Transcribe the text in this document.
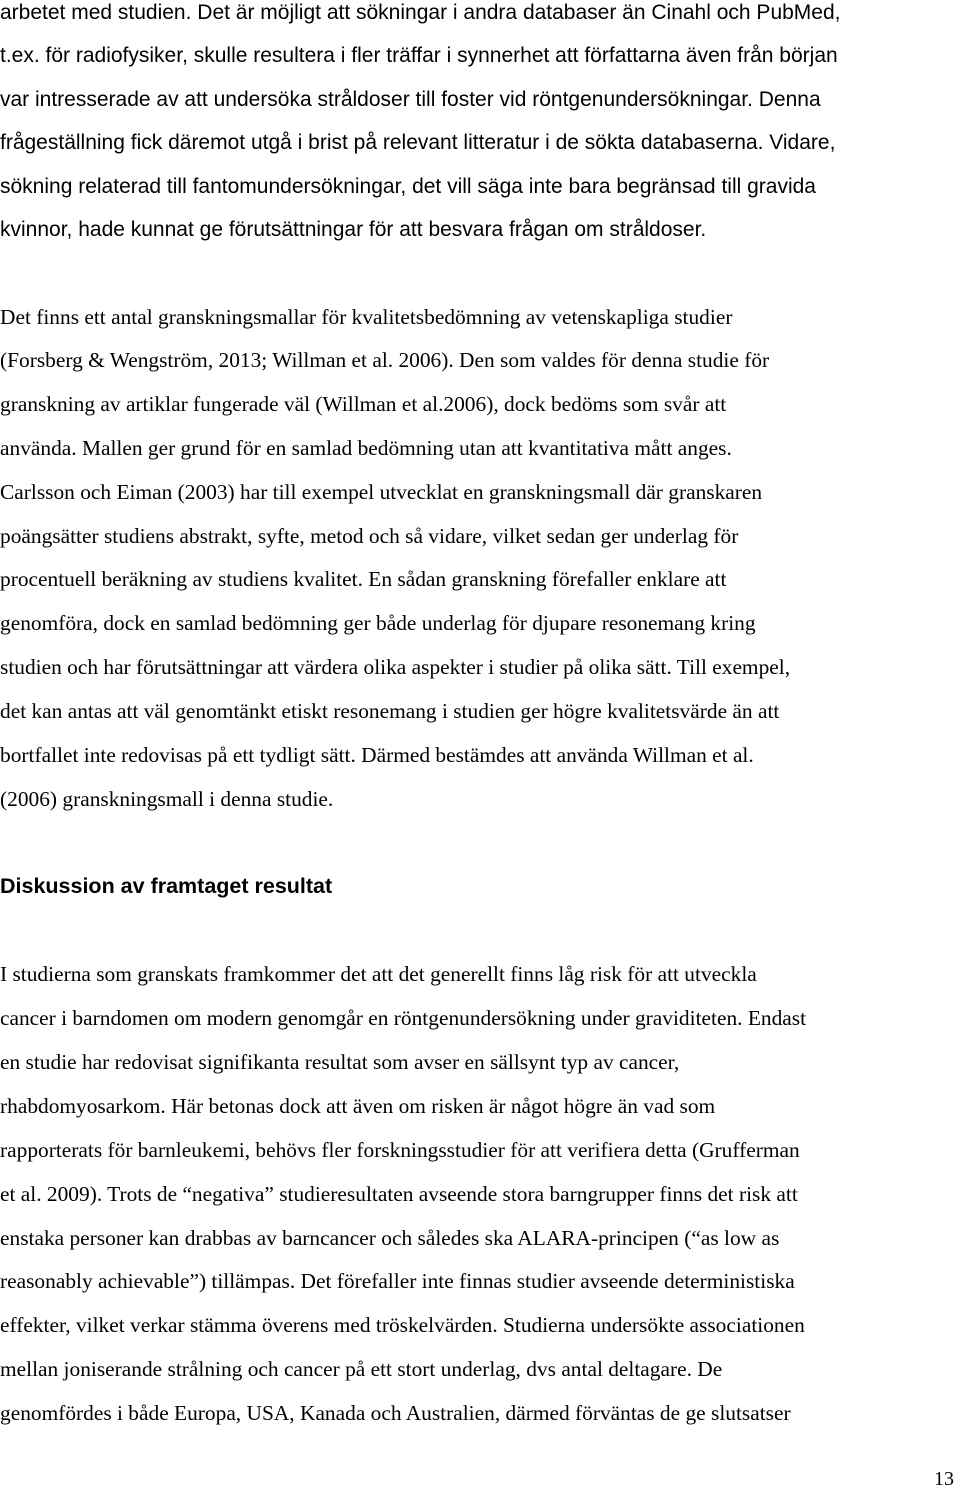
arbetet med studien. Det är möjligt att sökningar i andra databaser än Cinahl och PubMed,
t.ex. för radiofysiker, skulle resultera i fler träffar i synnerhet att författarna även från början
var intresserade av att undersöka stråldoser till foster vid röntgenundersökningar. Denna
frågeställning fick däremot utgå i brist på relevant litteratur i de sökta databaserna. Vidare,
sökning relaterad till fantomundersökningar, det vill säga inte bara begränsad till gravida
kvinnor, hade kunnat ge förutsättningar för att besvara frågan om stråldoser.
Det finns ett antal granskningsmallar för kvalitetsbedömning av vetenskapliga studier
(Forsberg & Wengström, 2013; Willman et al. 2006). Den som valdes för denna studie för
granskning av artiklar fungerade väl (Willman et al.2006), dock bedöms som svår att
använda. Mallen ger grund för en samlad bedömning utan att kvantitativa mått anges.
Carlsson och Eiman (2003) har till exempel utvecklat en granskningsmall där granskaren
poängsätter studiens abstrakt, syfte, metod och så vidare, vilket sedan ger underlag för
procentuell beräkning av studiens kvalitet. En sådan granskning förefaller enklare att
genomföra, dock en samlad bedömning ger både underlag för djupare resonemang kring
studien och har förutsättningar att värdera olika aspekter i studier på olika sätt. Till exempel,
det kan antas att väl genomtänkt etiskt resonemang i studien ger högre kvalitetsvärde än att
bortfallet inte redovisas på ett tydligt sätt. Därmed bestämdes att använda Willman et al.
(2006) granskningsmall i denna studie.
Diskussion av framtaget resultat
I studierna som granskats framkommer det att det generellt finns låg risk för att utveckla
cancer i barndomen om modern genomgår en röntgenundersökning under graviditeten. Endast
en studie har redovisat signifikanta resultat som avser en sällsynt typ av cancer,
rhabdomyosarkom. Här betonas dock att även om risken är något högre än vad som
rapporterats för barnleukemi, behövs fler forskningsstudier för att verifiera detta (Grufferman
et al. 2009). Trots de “negativa” studieresultaten avseende stora barngrupper finns det risk att
enstaka personer kan drabbas av barncancer och således ska ALARA-principen (“as low as
reasonably achievable”) tillämpas. Det förefaller inte finnas studier avseende deterministiska
effekter, vilket verkar stämma överens med tröskelvärden. Studierna undersökte associationen
mellan joniserande strålning och cancer på ett stort underlag, dvs antal deltagare. De
genomfördes i både Europa, USA, Kanada och Australien, därmed förväntas de ge slutsatser
13
